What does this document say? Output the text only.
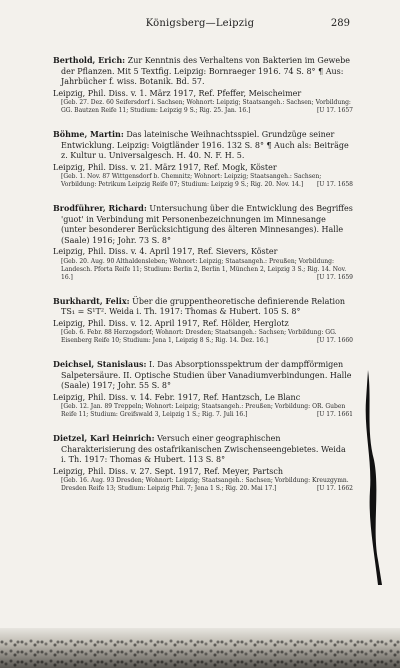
Königsberg—Leipzig	289

Berthold, Erich: Zur Kenntnis des Verhaltens von Bakterien im Gewebe der Pflanzen. Mit 5 Textfig. Leipzig: Bornraeger 1916. 74 S. 8° ¶ Aus: Jahrbücher f. wiss. Botanik. Bd. 57.

Leipzig, Phil. Diss. v. 1. März 1917, Ref. Pfeffer, Meischeimer

[Geb. 27. Dez. 60 Seifersdorf i. Sachsen; Wohnort: Leipzig; Staatsangeh.: Sachsen; Vorbildung: GG. Bautzen Reife 11; Studium: Leipzig 9 S.; Rig. 25. Jan. 16.]	[U 17. 1657

Böhme, Martin: Das lateinische Weihnachtsspiel. Grundzüge seiner Entwicklung. Leipzig: Voigtländer 1916. 132 S. 8° ¶ Auch als: Beiträge z. Kultur u. Universalgesch. H. 40. N. F. H. 5.

Leipzig, Phil. Diss. v. 21. März 1917, Ref. Mogk, Köster

[Geb. 1. Nov. 87 Wittgensdorf b. Chemnitz; Wohnort: Leipzig; Staatsangeh.: Sachsen; Vorbildung: Petrikum Leipzig Reife 07; Studium: Leipzig 9 S.; Rig. 20. Nov. 14.] [U 17. 1658

Brodführer, Richard: Untersuchung über die Entwicklung des Begriffes 'guot' in Verbindung mit Personenbezeichnungen im Minnesange (unter besonderer Berücksichtigung des älteren Minnesanges). Halle (Saale) 1916; Johr. 73 S. 8°

Leipzig, Phil. Diss. v. 4. April 1917, Ref. Sievers, Köster

[Geb. 20. Aug. 90 Althaldensleben; Wohnort: Leipzig; Staatsangeh.: Preußen; Vorbildung: Landesch. Pforta Reife 11; Studium: Berlin 2, Berlin 1, München 2, Leipzig 3 S.; Rig. 14. Nov. 16.]	[U 17. 1659

Burkhardt, Felix: Über die gruppentheoretische definierende Relation TS₁ = S¹T². Weida i. Th. 1917: Thomas & Hubert. 105 S. 8°

Leipzig, Phil. Diss. v. 12. April 1917, Ref. Hölder, Herglotz

[Geb. 6. Febr. 88 Herzogsdorf; Wohnort: Dresden; Staatsangeh.: Sachsen; Vorbildung: GG. Eisenberg Reife 10; Studium: Jena 1, Leipzig 8 S.; Rig. 14. Dez. 16.]	[U 17. 1660

Deichsel, Stanislaus: I. Das Absorptionsspektrum der dampfförmigen Salpetersäure. II. Optische Studien über Vanadiumverbindungen. Halle (Saale) 1917; Johr. 55 S. 8°

Leipzig, Phil. Diss. v. 14. Febr. 1917, Ref. Hantzsch, Le Blanc

[Geb. 12. Jan. 89 Treppeln; Wohnort: Leipzig; Staatsangeh.: Preußen; Vorbildung: OR. Guben Reife 11; Studium: Greifswald 3, Leipzig 1 S.; Rig. 7. Juli 16.]	[U 17. 1661

Dietzel, Karl Heinrich: Versuch einer geographischen Charakterisierung des ostafrikanischen Zwischenseengebietes. Weida i. Th. 1917: Thomas & Hubert. 113 S. 8°

Leipzig, Phil. Diss. v. 27. Sept. 1917, Ref. Meyer, Partsch

[Geb. 16. Aug. 93 Dresden; Wohnort: Leipzig; Staatsangeh.: Sachsen; Vorbildung: Kreuzgymn. Dresden Reife 13; Studium: Leipzig Phil. 7; Jena 1 S.; Rig. 20. Mai 17.]	[U 17. 1662
